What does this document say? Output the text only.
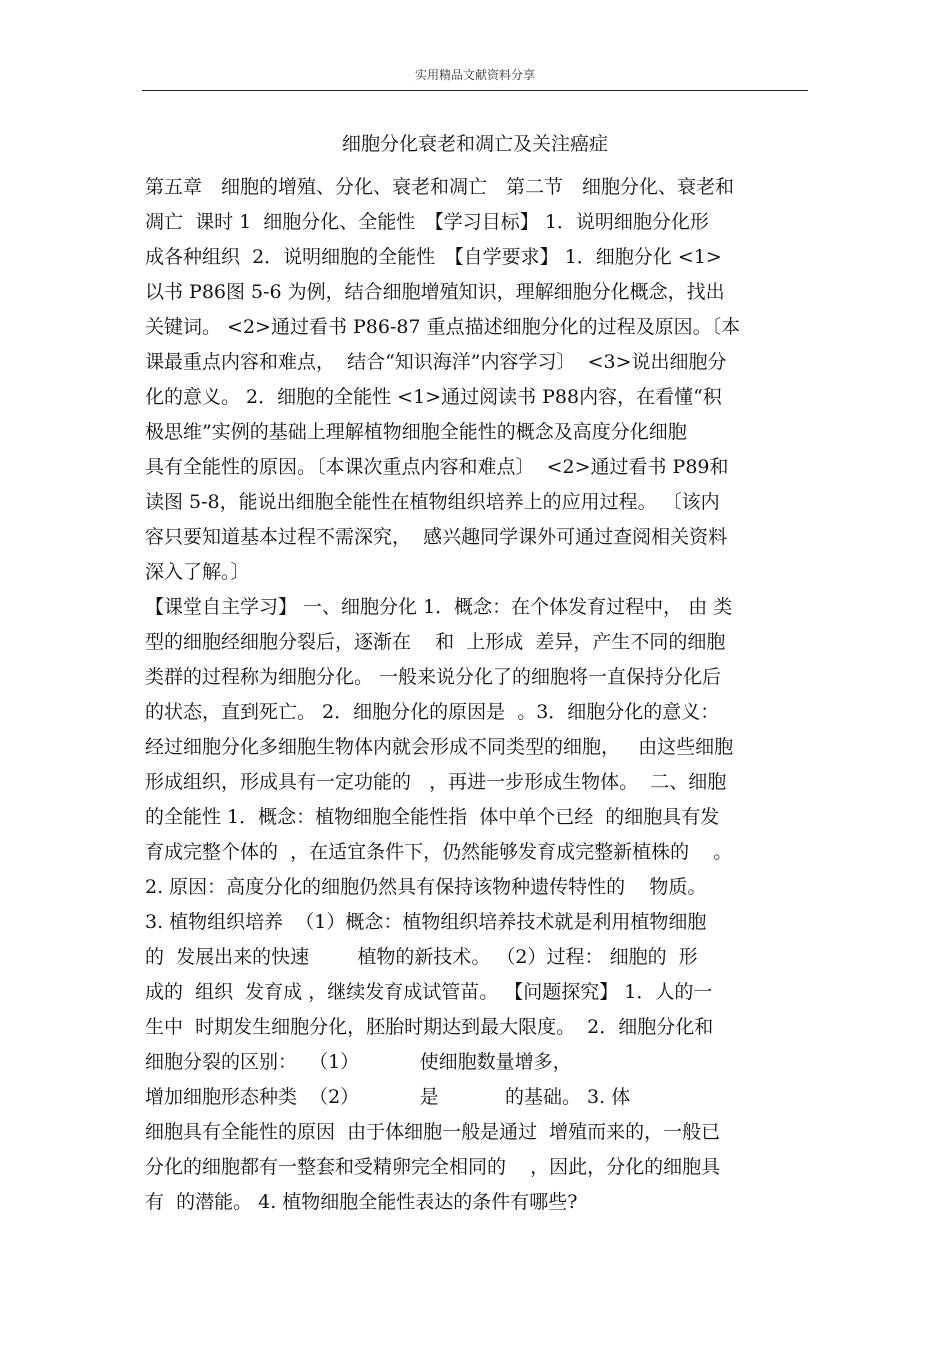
实用精品文献资料分享
细胞分化衰老和凋亡及关注癌症
第五章　细胞的增殖、分化、衰老和凋亡　第二节　细胞分化、衰老和
凋亡  课时 1  细胞分化、全能性　【学习目标】 1．说明细胞分化形
成各种组织  2．说明细胞的全能性　【自学要求】 1．细胞分化 <1>
以书 P86图 5-6 为例，结合细胞增殖知识，理解细胞分化概念，找出
关键词。 <2>通过看书 P86-87 重点描述细胞分化的过程及原因。〔本
课最重点内容和难点，  结合“知识海洋”内容学习〕  <3>说出细胞分
化的意义。 2．细胞的全能性 <1>通过阅读书 P88内容，在看懂“积
极思维”实例的基础上理解植物细胞全能性的概念及高度分化细胞
具有全能性的原因。〔本课次重点内容和难点〕  <2>通过看书 P89和
读图 5-8，能说出细胞全能性在植物组织培养上的应用过程。 〔该内
容只要知道基本过程不需深究，  感兴趣同学课外可通过查阅相关资料
深入了解。〕
【课堂自主学习】 一、细胞分化 1．概念：在个体发育过程中， 由 类
型的细胞经细胞分裂后，逐渐在    和  上形成  差异，产生不同的细胞
类群的过程称为细胞分化。 一般来说分化了的细胞将一直保持分化后
的状态，直到死亡。 2．细胞分化的原因是  。3．细胞分化的意义：
经过细胞分化多细胞生物体内就会形成不同类型的细胞，   由这些细胞
形成组织，形成具有一定功能的   ，再进一步形成生物体。  二、细胞
的全能性 1．概念：植物细胞全能性指  体中单个已经  的细胞具有发
育成完整个体的  ，在适宜条件下，仍然能够发育成完整新植株的    。
2. 原因：高度分化的细胞仍然具有保持该物种遗传特性的    物质。
3. 植物组织培养  （1）概念：植物组织培养技术就是利用植物细胞
的  发展出来的快速        植物的新技术。 （2）过程： 细胞的  形
成的  组织  发育成 ，继续发育成试管苗。 【问题探究】 1．人的一
生中  时期发生细胞分化，胚胎时期达到最大限度。  2．细胞分化和
细胞分裂的区别：  （1）          使细胞数量增多，
增加细胞形态种类  （2）          是           的基础。 3. 体
细胞具有全能性的原因  由于体细胞一般是通过  增殖而来的，一般已
分化的细胞都有一整套和受精卵完全相同的    ，因此，分化的细胞具
有  的潜能。 4. 植物细胞全能性表达的条件有哪些?
